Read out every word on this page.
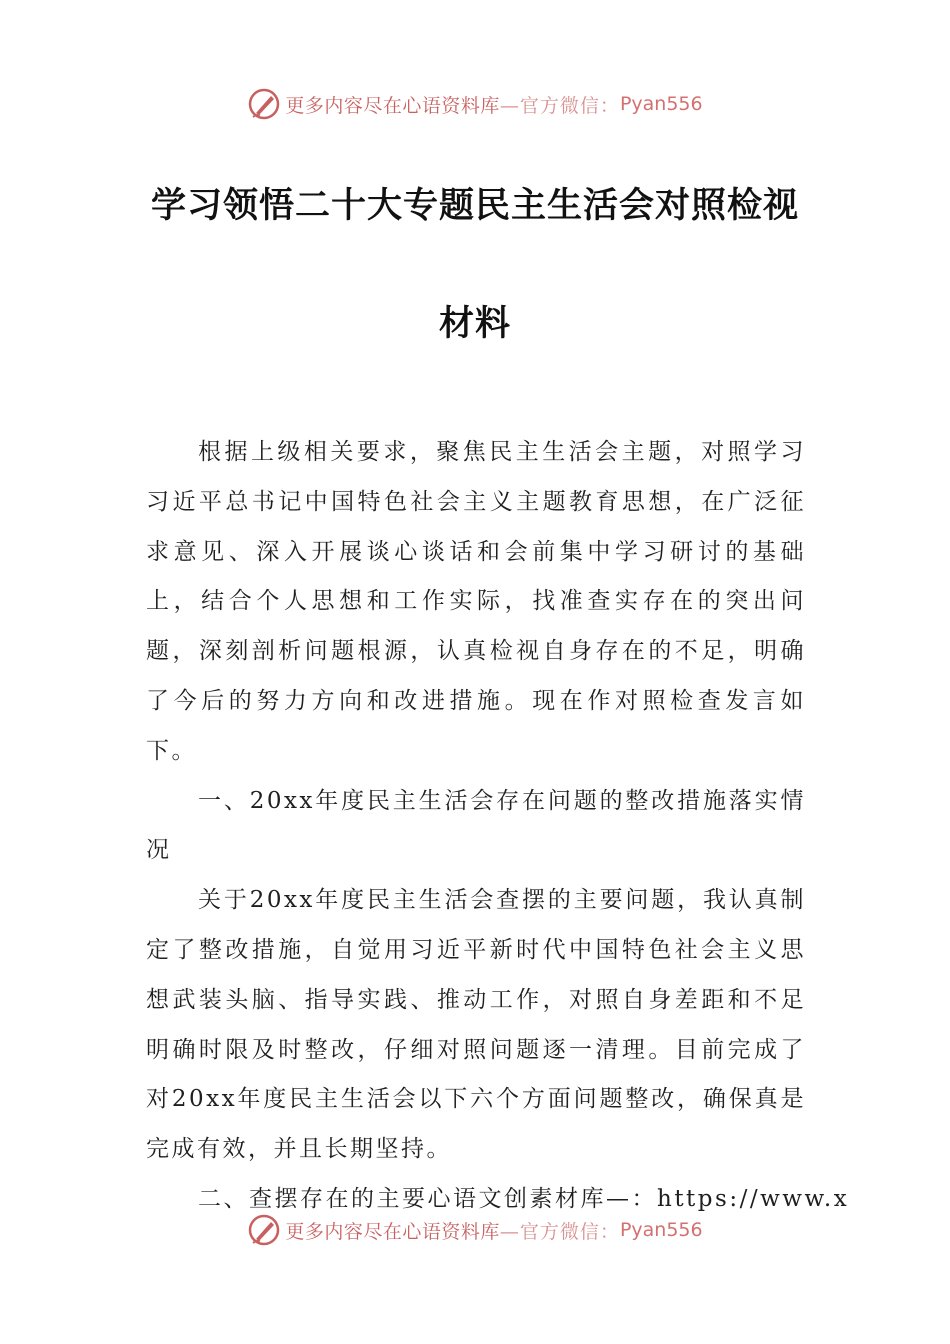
更多内容尽在心语资料库 —官方微信： Pyan556
学习领悟二十大专题民主生活会对照检视
材料

根据上级相关要求，聚焦民主生活会主题，对照学习习近平总书记中国特色社会主义主题教育思想，在广泛征求意见、深入开展谈心谈话和会前集中学习研讨的基础上，结合个人思想和工作实际，找准查实存在的突出问题，深刻剖析问题根源，认真检视自身存在的不足，明确了今后的努力方向和改进措施。现在作对照检查发言如下。

一、20xx年度民主生活会存在问题的整改措施落实情况

关于20xx年度民主生活会查摆的主要问题，我认真制定了整改措施，自觉用习近平新时代中国特色社会主义思想武装头脑、指导实践、推动工作，对照自身差距和不足明确时限及时整改，仔细对照问题逐一清理。目前完成了对20xx年度民主生活会以下六个方面问题整改，确保真是完成有效，并且长期坚持。

二、查摆存在的主要心语文创素材库—：https://www.x

更多内容尽在心语资料库 —官方微信： Pyan556
